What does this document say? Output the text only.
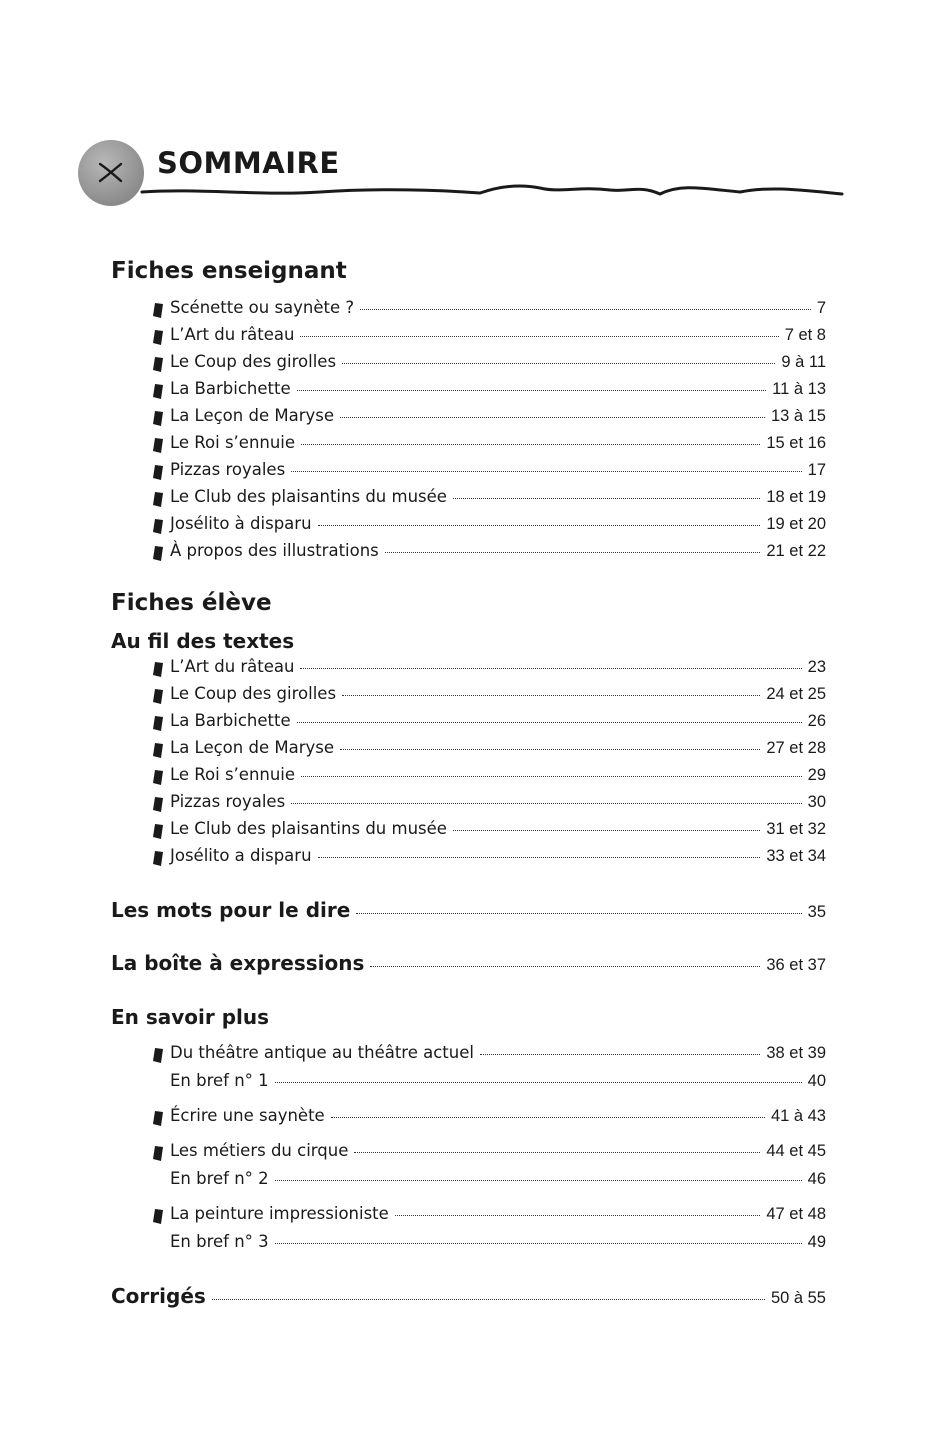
SOMMAIRE
Fiches enseignant
Scénette ou saynète ?	7
L’Art du râteau	7 et 8
Le Coup des girolles	9 à 11
La Barbichette	11 à 13
La Leçon de Maryse	13 à 15
Le Roi s’ennuie	15 et 16
Pizzas royales	17
Le Club des plaisantins du musée	18 et 19
Josélito à disparu	19 et 20
À propos des illustrations	21 et 22
Fiches élève
Au fil des textes
L’Art du râteau	23
Le Coup des girolles	24 et 25
La Barbichette	26
La Leçon de Maryse	27 et 28
Le Roi s’ennuie	29
Pizzas royales	30
Le Club des plaisantins du musée	31 et 32
Josélito a disparu	33 et 34
Les mots pour le dire	35
La boîte à expressions	36 et 37
En savoir plus
Du théâtre antique au théâtre actuel	38 et 39
En bref n° 1	40
Écrire une saynète	41 à 43
Les métiers du cirque	44 et 45
En bref n° 2	46
La peinture impressioniste	47 et 48
En bref n° 3	49
Corrigés	50 à 55
